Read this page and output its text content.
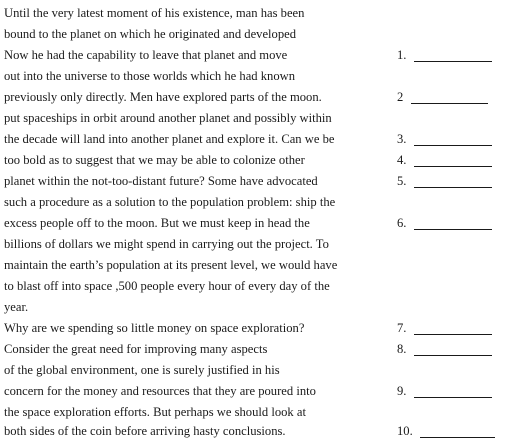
Until the very latest moment of his existence, man has been
bound to the planet on which he originated and developed
Now he had the capability to leave that planet and move
out into the universe to those worlds which he had known
previously only directly. Men have explored parts of the moon.
put spaceships in orbit around another planet and possibly within
the decade will land into another planet and explore it. Can we be
too bold as to suggest that we may be able to colonize other
planet within the not-too-distant future? Some have advocated
such a procedure as a solution to the population problem: ship the
excess people off to the moon. But we must keep in head the
billions of dollars we might spend in carrying out the project. To
maintain the earth’s population at its present level, we would have
to blast off into space ,500 people every hour of every day of the
year.
Why are we spending so little money on space exploration?
Consider the great need for improving many aspects
of the global environment, one is surely justified in his
concern for the money and resources that they are poured into
the space exploration efforts. But perhaps we should look at
both sides of the coin before arriving hasty conclusions.
1.
2
3.
4.
5.
6.
7.
8.
9.
10.
